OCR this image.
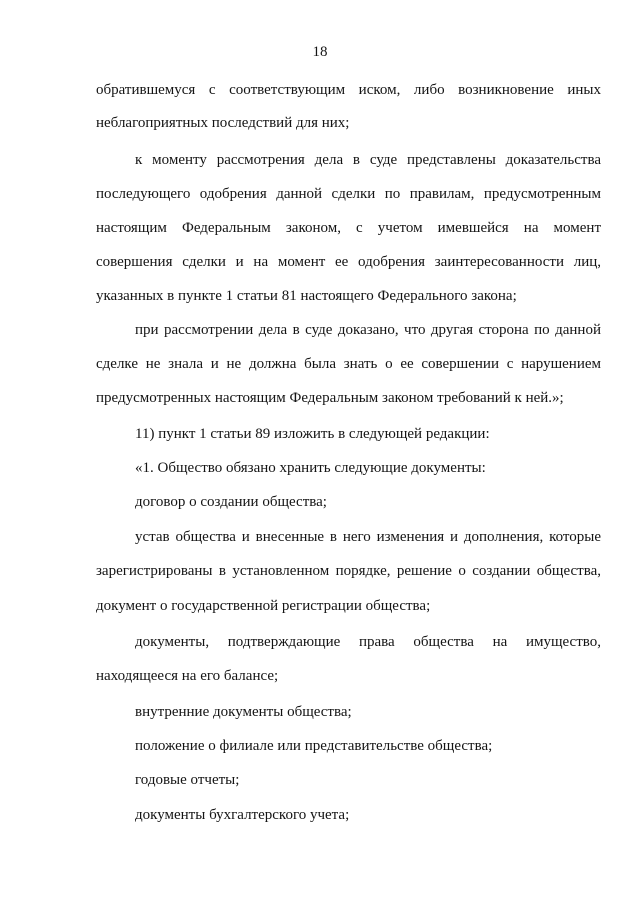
18
обратившемуся с соответствующим иском, либо возникновение иных
неблагоприятных последствий для них;
к моменту рассмотрения дела в суде представлены доказательства
последующего одобрения данной сделки по правилам, предусмотренным
настоящим Федеральным законом, с учетом имевшейся на момент
совершения сделки и на момент ее одобрения заинтересованности лиц,
указанных в пункте 1 статьи 81 настоящего Федерального закона;
при рассмотрении дела в суде доказано, что другая сторона по данной
сделке не знала и не должна была знать о ее совершении с нарушением
предусмотренных настоящим Федеральным законом требований к ней.»;
11) пункт 1 статьи 89 изложить в следующей редакции:
«1. Общество обязано хранить следующие документы:
договор о создании общества;
устав общества и внесенные в него изменения и дополнения, которые
зарегистрированы в установленном порядке, решение о создании общества,
документ о государственной регистрации общества;
документы, подтверждающие права общества на имущество,
находящееся на его балансе;
внутренние документы общества;
положение о филиале или представительстве общества;
годовые отчеты;
документы бухгалтерского учета;
